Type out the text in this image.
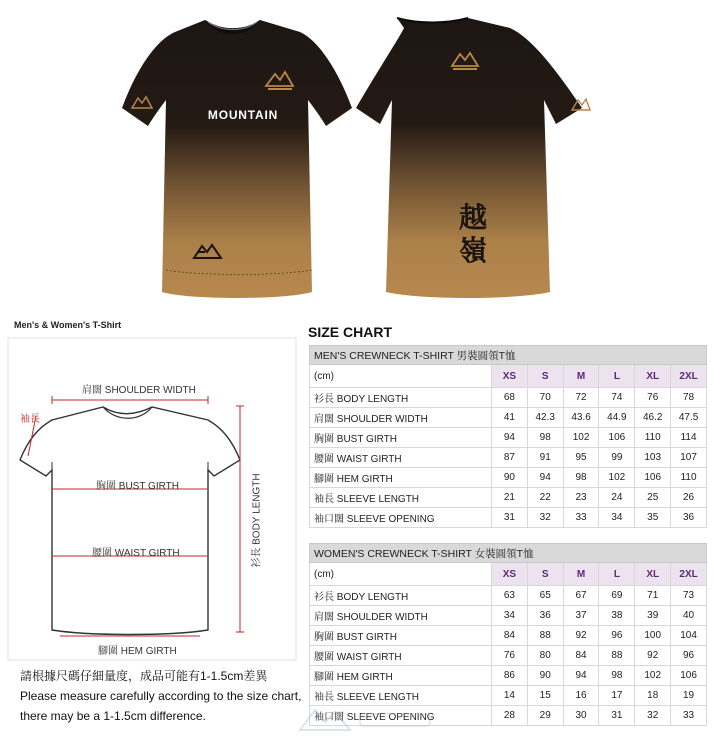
MOUNTAIN
越
嶺
Men's & Women's T-Shirt
肩闊 SHOULDER WIDTH
袖長
胸圍 BUST GIRTH
腰圍 WAIST GIRTH
腳圍 HEM GIRTH
衫長 BODY LENGTH
請根據尺碼仔細量度，成品可能有1-1.5cm差異
Please measure carefully according to the size chart,
there may be a 1-1.5cm difference.
SIZE CHART
MEN'S CREWNECK T-SHIRT 男裝圓領T恤						
(cm)	XS	S	M	L	XL	2XL
衫長 BODY LENGTH	68	70	72	74	76	78
肩闊 SHOULDER WIDTH	41	42.3	43.6	44.9	46.2	47.5
胸圍 BUST GIRTH	94	98	102	106	110	114
腰圍 WAIST GIRTH	87	91	95	99	103	107
腳圍 HEM GIRTH	90	94	98	102	106	110
袖長 SLEEVE LENGTH	21	22	23	24	25	26
袖口闊 SLEEVE OPENING	31	32	33	34	35	36
WOMEN'S CREWNECK T-SHIRT 女裝圓領T恤						
(cm)	XS	S	M	L	XL	2XL
衫長 BODY LENGTH	63	65	67	69	71	73
肩闊 SHOULDER WIDTH	34	36	37	38	39	40
胸圍 BUST GIRTH	84	88	92	96	100	104
腰圍 WAIST GIRTH	76	80	84	88	92	96
腳圍 HEM GIRTH	86	90	94	98	102	106
袖長 SLEEVE LENGTH	14	15	16	17	18	19
袖口闊 SLEEVE OPENING	28	29	30	31	32	33
